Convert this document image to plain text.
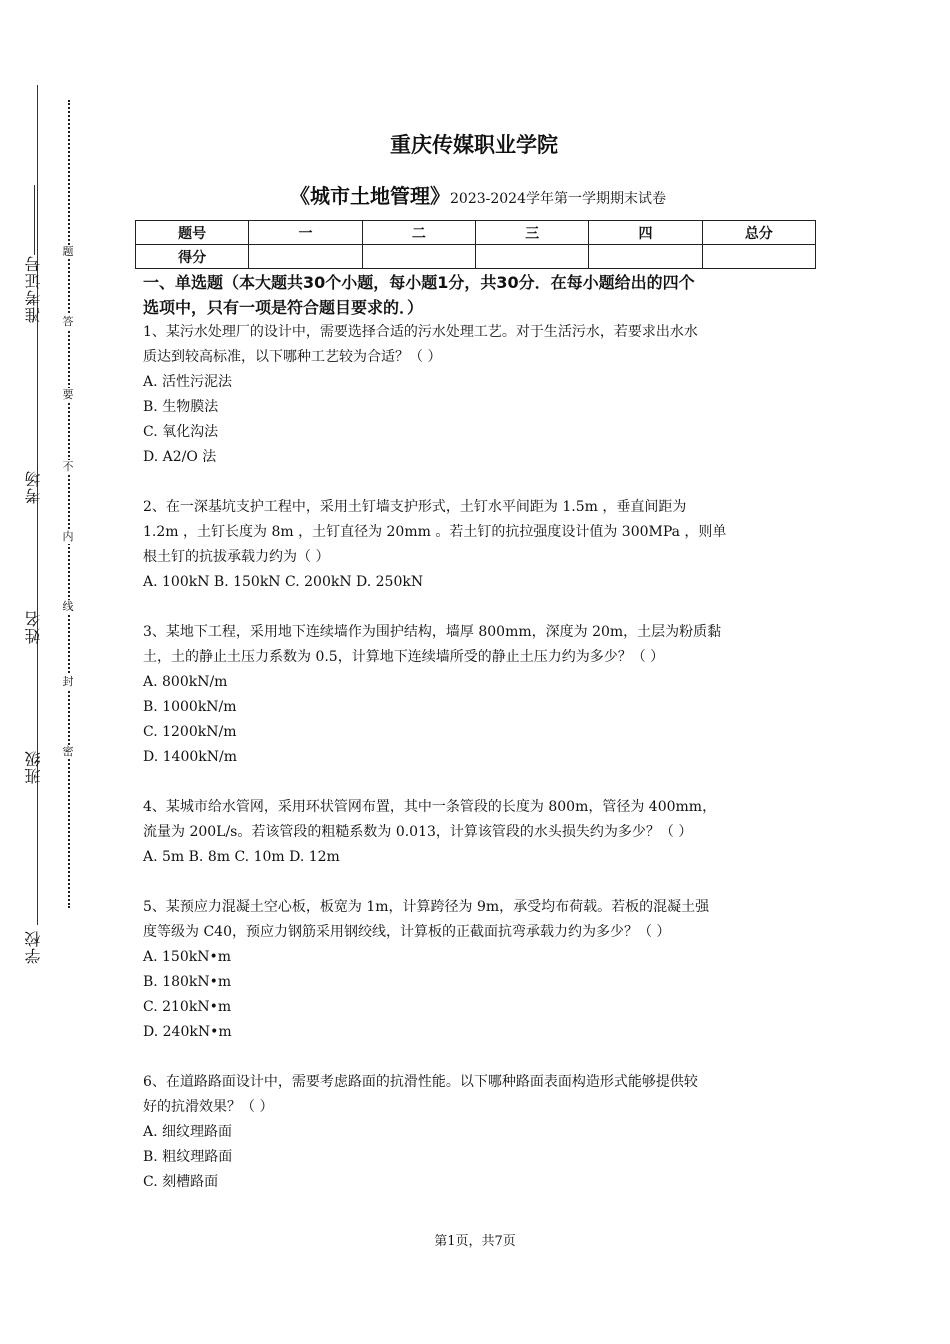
准考证号
考场
姓名
班级
学校
题
答
要
不
内
线
封
密
重庆传媒职业学院
《城市土地管理》2023-2024学年第一学期期末试卷
题号	一	二	三	四	总分
得分					
一、单选题（本大题共30个小题，每小题1分，共30分．在每小题给出的四个
选项中，只有一项是符合题目要求的．）

1、某污水处理厂的设计中，需要选择合适的污水处理工艺。对于生活污水，若要求出水水

质达到较高标准，以下哪种工艺较为合适？（ ）

A. 活性污泥法

B. 生物膜法

C. 氧化沟法

D. A2/O 法

2、在一深基坑支护工程中，采用土钉墙支护形式，土钉水平间距为 1.5m ，垂直间距为

1.2m ，土钉长度为 8m ，土钉直径为 20mm 。若土钉的抗拉强度设计值为 300MPa ，则单

根土钉的抗拔承载力约为（ ）

A. 100kN B. 150kN C. 200kN D. 250kN

3、某地下工程，采用地下连续墙作为围护结构，墙厚 800mm，深度为 20m，土层为粉质黏

土，土的静止土压力系数为 0.5，计算地下连续墙所受的静止土压力约为多少？（ ）

A. 800kN/m

B. 1000kN/m

C. 1200kN/m

D. 1400kN/m

4、某城市给水管网，采用环状管网布置，其中一条管段的长度为 800m，管径为 400mm，

流量为 200L/s。若该管段的粗糙系数为 0.013，计算该管段的水头损失约为多少？（ ）

A. 5m B. 8m C. 10m D. 12m

5、某预应力混凝土空心板，板宽为 1m，计算跨径为 9m，承受均布荷载。若板的混凝土强

度等级为 C40，预应力钢筋采用钢绞线，计算板的正截面抗弯承载力约为多少？（ ）

A. 150kN•m

B. 180kN•m

C. 210kN•m

D. 240kN•m

6、在道路路面设计中，需要考虑路面的抗滑性能。以下哪种路面表面构造形式能够提供较

好的抗滑效果？（ ）

A. 细纹理路面

B. 粗纹理路面

C. 刻槽路面

第1页，共7页
